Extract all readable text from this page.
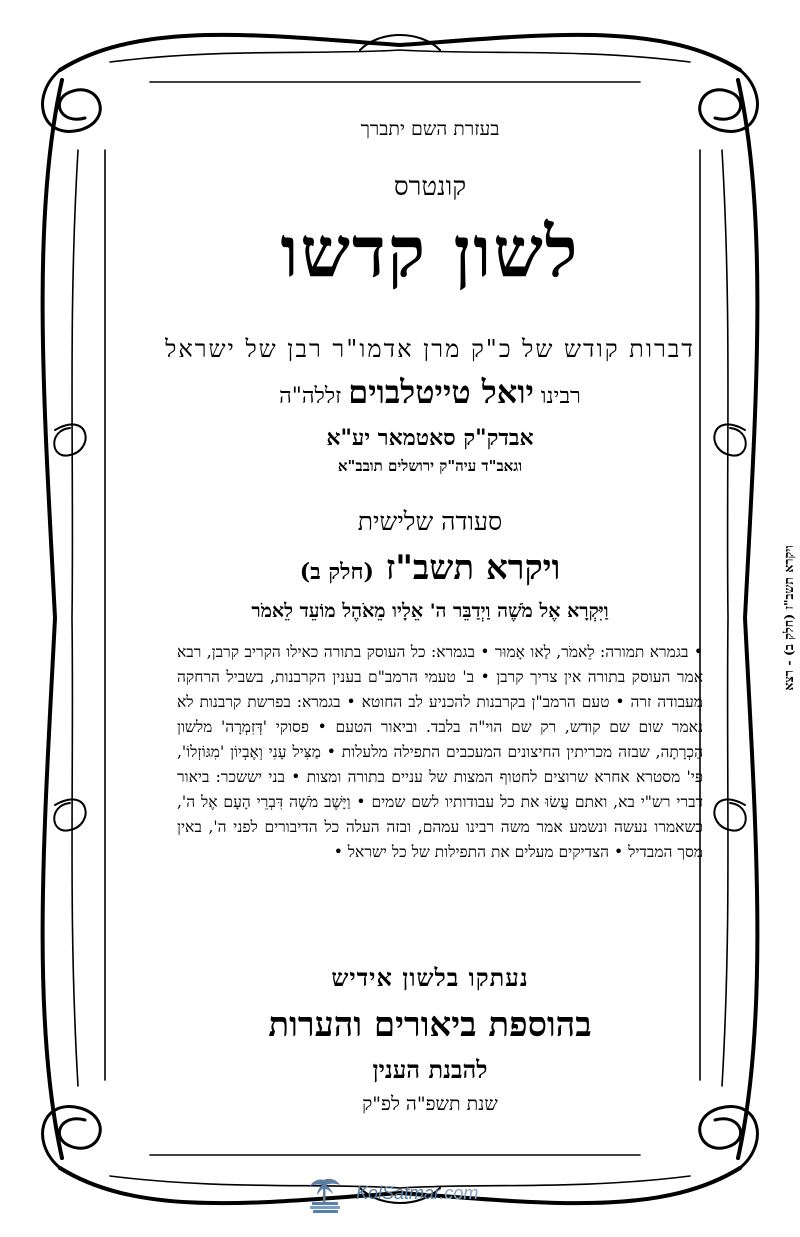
בעזרת השם יתברך
קונטרס
לשון קדשו
דברות קודש של כ"ק מרן אדמו"ר רבן של ישראל
רבינו יואל טייטלבוים זללה"ה
אבדק"ק סאטמאר יע"א
וגאב"ד עיה"ק ירושלים תובב"א
סעודה שלישית
ויקרא תשב"ז (חלק ב)
וַיִּקְרָא אֶל מֹשֶׁה וַיְדַבֵּר ה' אֵלָיו מֵאֹהֶל מוֹעֵד לֵאמֹר
• בגמרא תמורה: לֵאמֹר, לַאו אָמוּר • בגמרא: כל העוסק בתורה כאילו הקריב קרבן, רבא אמר העוסק בתורה אין צריך קרבן • ב' טעמי הרמב"ם בענין הקרבנות, בשביל הרחקה מעבודה זרה • טעם הרמב"ן בקרבנות להכניע לב החוטא • בגמרא: בפרשת קרבנות לא נאמר שום שם קודש, רק שם הוי"ה בלבד. וביאור הטעם • פסוקי 'דְּזִמְרָה' מלשון הַכְרָתָה, שבזה מכריתין החיצונים המעכבים התפילה מלעלות • מַצִּיל עָנִי וְאֶבְיוֹן 'מִגּוֹזְלוֹ', פי' מסטרא אחרא שרוצים לחטוף המצות של עניים בתורה ומצות • בני יששכר: ביאור דברי רש"י בא, ואתם עֲשׂוּ את כל עבודותיו לשם שמים • וַיָּשֶׁב מֹשֶׁה דִּבְרֵי הָעָם אֶל ה', כשאמרו נעשה ונשמע אמר משה רבינו עמהם, ובזה העלה כל הדיבורים לפני ה', באין מסך המבדיל • הצדיקים מעלים את התפילות של כל ישראל •
נעתקו בלשון אידיש
בהוספת ביאורים והערות
להבנת הענין
שנת תשפ"ה לפ"ק
ויקרא תשב"ז (חלק ב) - רצא
KolSatmar.com
